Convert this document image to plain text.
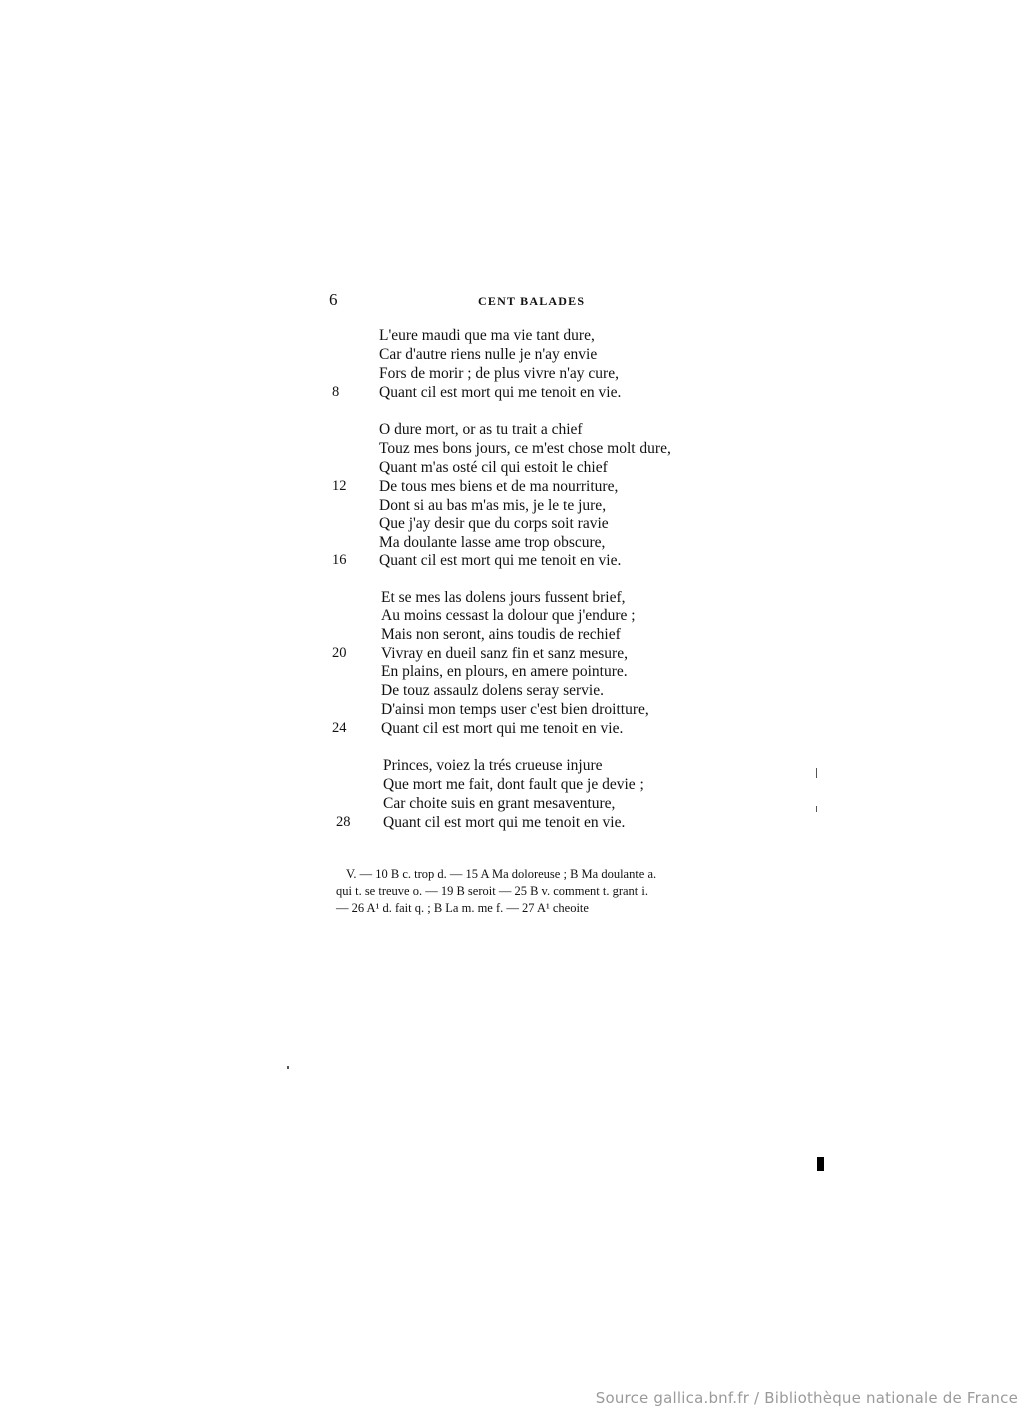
6	CENT BALADES
L'eure maudi que ma vie tant dure,
Car d'autre riens nulle je n'ay envie
Fors de morir ; de plus vivre n'ay cure,
8	Quant cil est mort qui me tenoit en vie.
O dure mort, or as tu trait a chief
Touz mes bons jours, ce m'est chose molt dure,
Quant m'as osté cil qui estoit le chief
12	De tous mes biens et de ma nourriture,
Dont si au bas m'as mis, je le te jure,
Que j'ay desir que du corps soit ravie
Ma doulante lasse ame trop obscure,
16	Quant cil est mort qui me tenoit en vie.
Et se mes las dolens jours fussent brief,
Au moins cessast la dolour que j'endure ;
Mais non seront, ains toudis de rechief
20	Vivray en dueil sanz fin et sanz mesure,
En plains, en plours, en amere pointure.
De touz assaulz dolens seray servie.
D'ainsi mon temps user c'est bien droitture,
24	Quant cil est mort qui me tenoit en vie.
Princes, voiez la trés crueuse injure
Que mort me fait, dont fault que je devie ;
Car choite suis en grant mesaventure,
28	Quant cil est mort qui me tenoit en vie.
V. — 10 B c. trop d. — 15 A Ma doloreuse ; B Ma doulante a.
qui t. se treuve o. — 19 B seroit — 25 B v. comment t. grant i.
— 26 A¹ d. fait q. ; B La m. me f. — 27 A¹ cheoite
Source gallica.bnf.fr / Bibliothèque nationale de France
